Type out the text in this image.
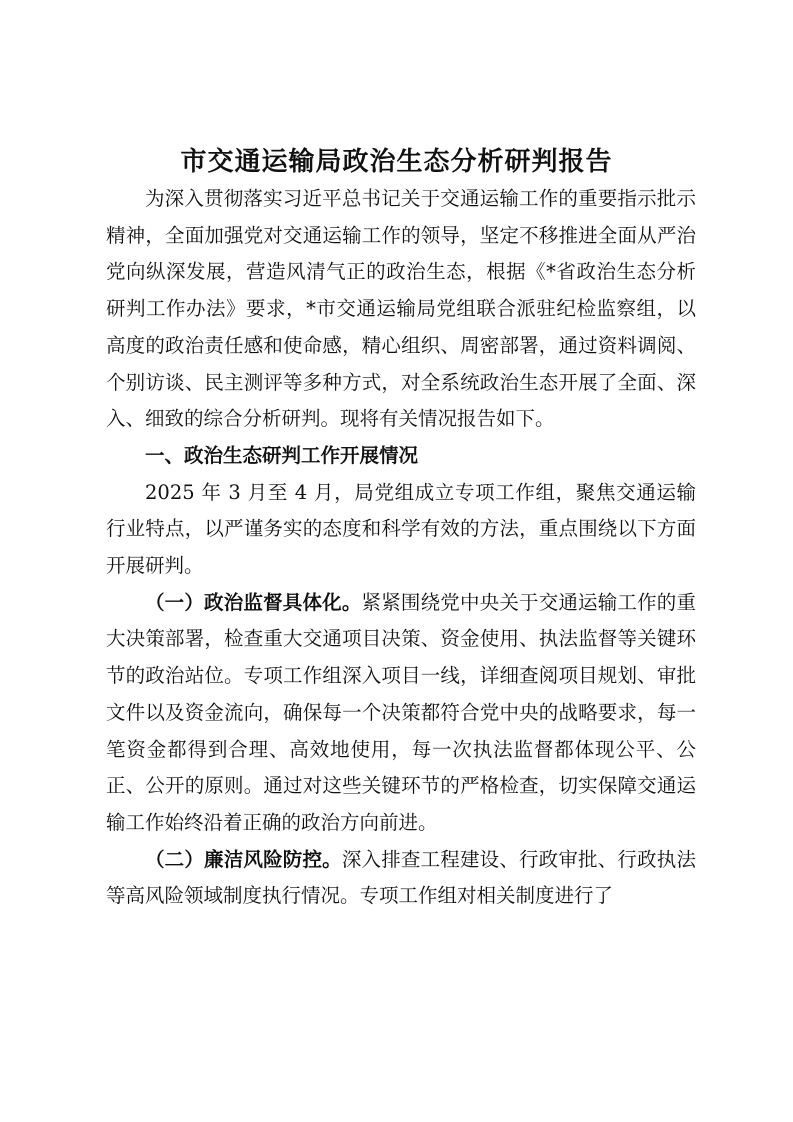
市交通运输局政治生态分析研判报告

为深入贯彻落实习近平总书记关于交通运输工作的重要指示批示精神，全面加强党对交通运输工作的领导，坚定不移推进全面从严治党向纵深发展，营造风清气正的政治生态，根据《*省政治生态分析研判工作办法》要求，*市交通运输局党组联合派驻纪检监察组，以高度的政治责任感和使命感，精心组织、周密部署，通过资料调阅、个别访谈、民主测评等多种方式，对全系统政治生态开展了全面、深入、细致的综合分析研判。现将有关情况报告如下。

一、政治生态研判工作开展情况

2025 年 3 月至 4 月，局党组成立专项工作组，聚焦交通运输行业特点，以严谨务实的态度和科学有效的方法，重点围绕以下方面开展研判。

（一）政治监督具体化。紧紧围绕党中央关于交通运输工作的重大决策部署，检查重大交通项目决策、资金使用、执法监督等关键环节的政治站位。专项工作组深入项目一线，详细查阅项目规划、审批文件以及资金流向，确保每一个决策都符合党中央的战略要求，每一笔资金都得到合理、高效地使用，每一次执法监督都体现公平、公正、公开的原则。通过对这些关键环节的严格检查，切实保障交通运输工作始终沿着正确的政治方向前进。

（二）廉洁风险防控。深入排查工程建设、行政审批、行政执法等高风险领域制度执行情况。专项工作组对相关制度进行了
